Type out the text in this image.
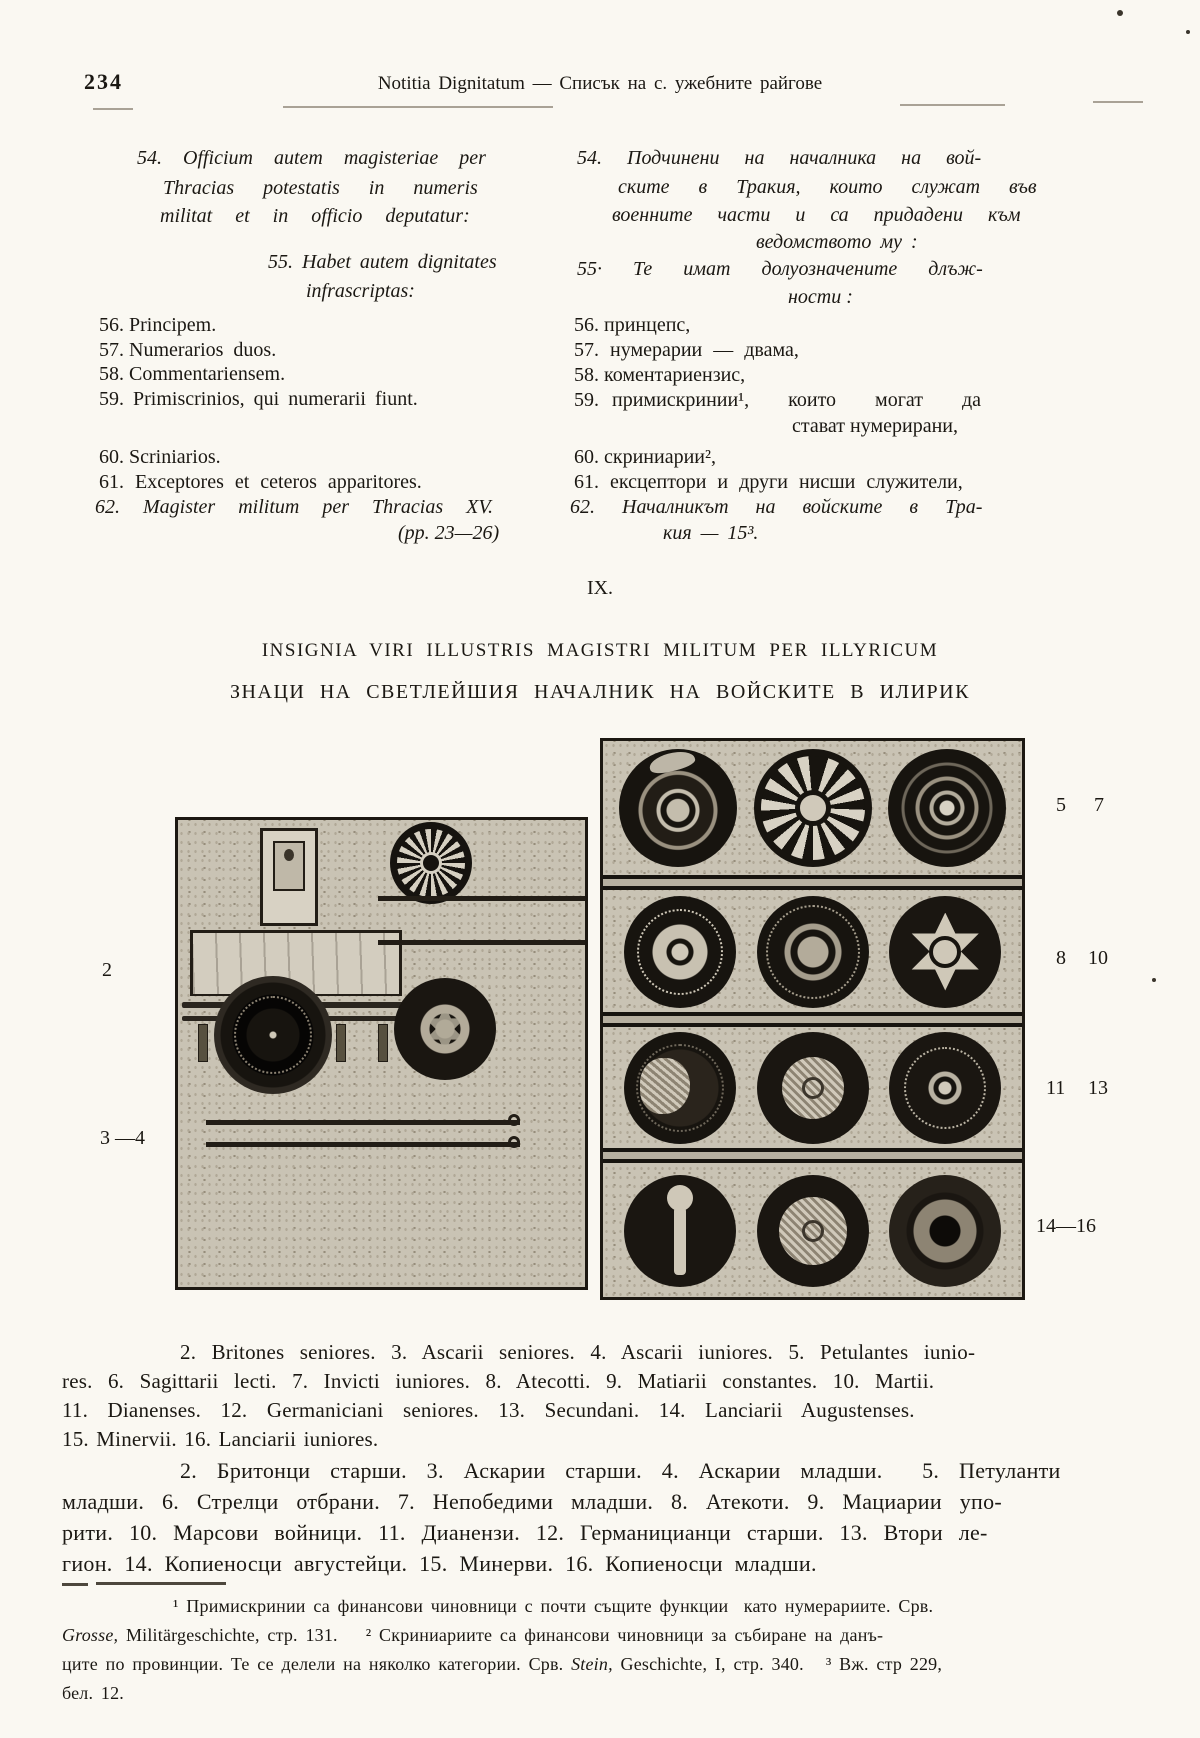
234	Notitia Dignitatum — Списък на с. ужебните райгове
54. Officium autem magisteriae per
Thracias potestatis in numeris
militat et in officio deputatur:
55. Habet autem dignitates
infrascriptas:
56. Principem.
57. Numerarios  duos.
58. Commentariensem.
59. Primiscrinios, qui numerarii fiunt.
60. Scriniarios.
61. Exceptores et ceteros apparitores.
62. Magister militum per Thracias XV.
(pp. 23—26)
54. Подчинени на началника на вой-
ските в Тракия, които служат във
военните части и са придадени към
ведомството му :
55· Те имат долуозначените длъж-
ности :
56. принцепс,
57. нумерарии — двама,
58. коментариензис,
59. примискринии¹,   които   могат   да
стават нумерирани,
60. скриниарии²,
61. ексцептори и други нисши служители,
62. Началникът на войските в Тра-
кия — 15³.
IX.
INSIGNIA VIRI ILLUSTRIS MAGISTRI MILITUM PER ILLYRICUM
ЗНАЦИ НА СВЕТЛЕЙШИЯ НАЧАЛНИК НА ВОЙСКИТЕ В ИЛИРИК
2
3 —4
5 7
8 10
11 13
14—16
2. Britones seniores. 3. Ascarii seniores. 4. Ascarii iuniores. 5. Petulantes iunio-
res. 6. Sagittarii lecti. 7. Invicti iuniores. 8. Atecotti. 9. Matiarii constantes. 10. Martii.
11. Dianenses. 12. Germaniciani seniores. 13. Secundani. 14. Lanciarii Augustenses.
15. Minervii. 16. Lanciarii iuniores.
2. Бритонци старши. 3. Аскарии старши. 4. Аскарии младши.  5. Петуланти
младши. 6. Стрелци отбрани. 7. Непобедими младши. 8. Атекоти. 9. Мациарии упо-
рити. 10. Марсови войници. 11. Дианензи. 12. Германицианци старши. 13. Втори ле-
гион. 14. Копиеносци августейци. 15. Минерви. 16. Копиеносци младши.
¹ Примискринии са финансови чиновници с почти същите функции  като нумерариите. Срв.
Grosse, Militärgeschichte, стр. 131. ² Скриниариите са финансови чиновници за събиране на данъ-
ците по провинции. Те се делели на няколко категории. Срв. Stein, Geschichte, I, стр. 340. ³ Вж. стр 229,
бел. 12.
